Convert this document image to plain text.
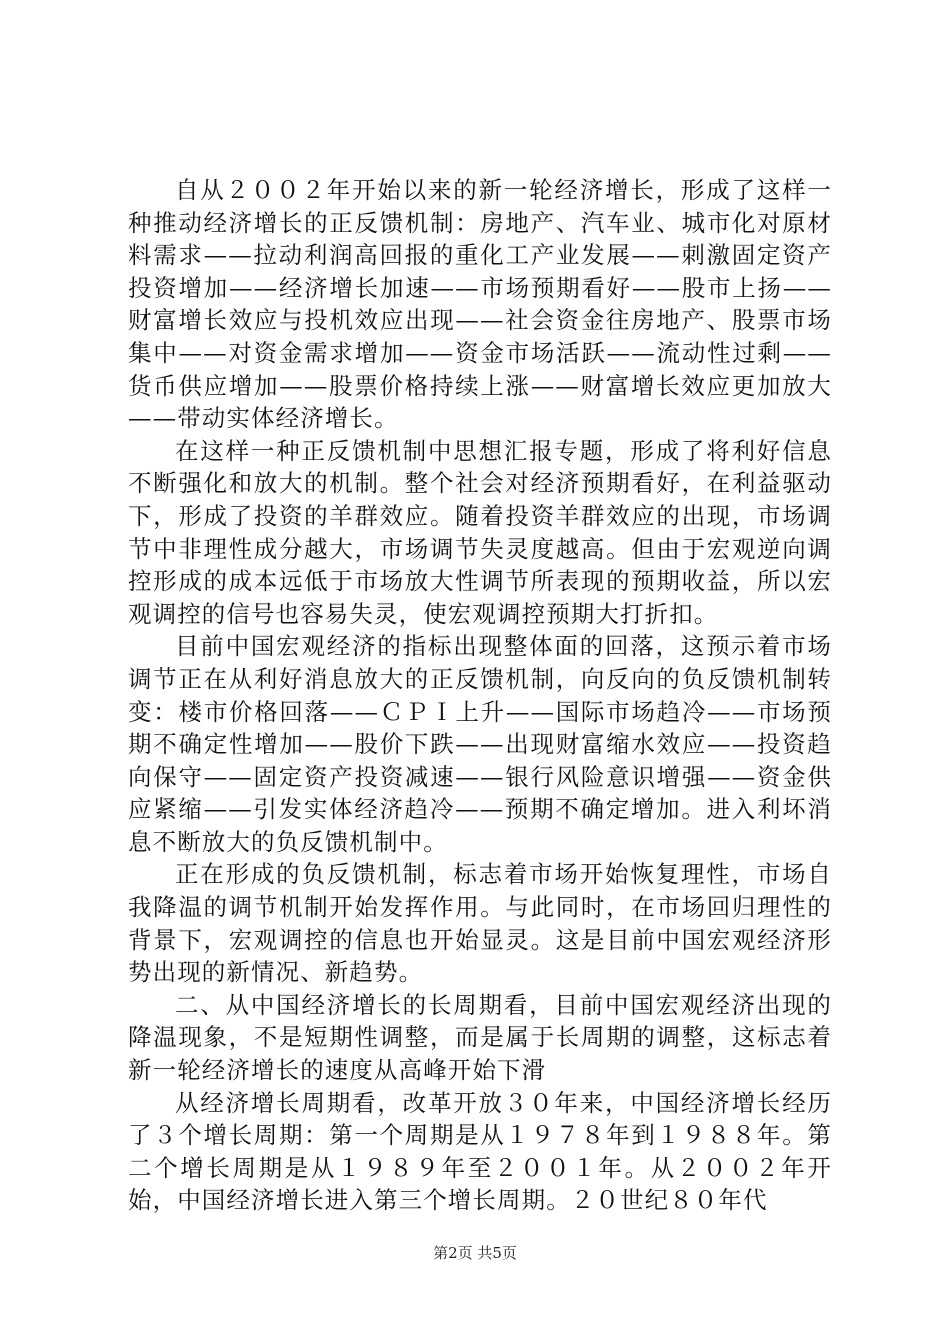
自从２００２年开始以来的新一轮经济增长，形成了这样一种推动经济增长的正反馈机制：房地产、汽车业、城市化对原材料需求——拉动利润高回报的重化工产业发展——刺激固定资产投资增加——经济增长加速——市场预期看好——股市上扬——财富增长效应与投机效应出现——社会资金往房地产、股票市场集中——对资金需求增加——资金市场活跃——流动性过剩——货币供应增加——股票价格持续上涨——财富增长效应更加放大——带动实体经济增长。

在这样一种正反馈机制中思想汇报专题，形成了将利好信息不断强化和放大的机制。整个社会对经济预期看好，在利益驱动下，形成了投资的羊群效应。随着投资羊群效应的出现，市场调节中非理性成分越大，市场调节失灵度越高。但由于宏观逆向调控形成的成本远低于市场放大性调节所表现的预期收益，所以宏观调控的信号也容易失灵，使宏观调控预期大打折扣。

目前中国宏观经济的指标出现整体面的回落，这预示着市场调节正在从利好消息放大的正反馈机制，向反向的负反馈机制转变：楼市价格回落——ＣＰＩ上升——国际市场趋冷——市场预期不确定性增加——股价下跌——出现财富缩水效应——投资趋向保守——固定资产投资减速——银行风险意识增强——资金供应紧缩——引发实体经济趋冷——预期不确定增加。进入利坏消息不断放大的负反馈机制中。

正在形成的负反馈机制，标志着市场开始恢复理性，市场自我降温的调节机制开始发挥作用。与此同时，在市场回归理性的背景下，宏观调控的信息也开始显灵。这是目前中国宏观经济形势出现的新情况、新趋势。

二、从中国经济增长的长周期看，目前中国宏观经济出现的降温现象，不是短期性调整，而是属于长周期的调整，这标志着新一轮经济增长的速度从高峰开始下滑

从经济增长周期看，改革开放３０年来，中国经济增长经历了３个增长周期：第一个周期是从１９７８年到１９８８年。第二个增长周期是从１９８９年至２００１年。从２００２年开始，中国经济增长进入第三个增长周期。２０世纪８０年代

第2页 共5页
